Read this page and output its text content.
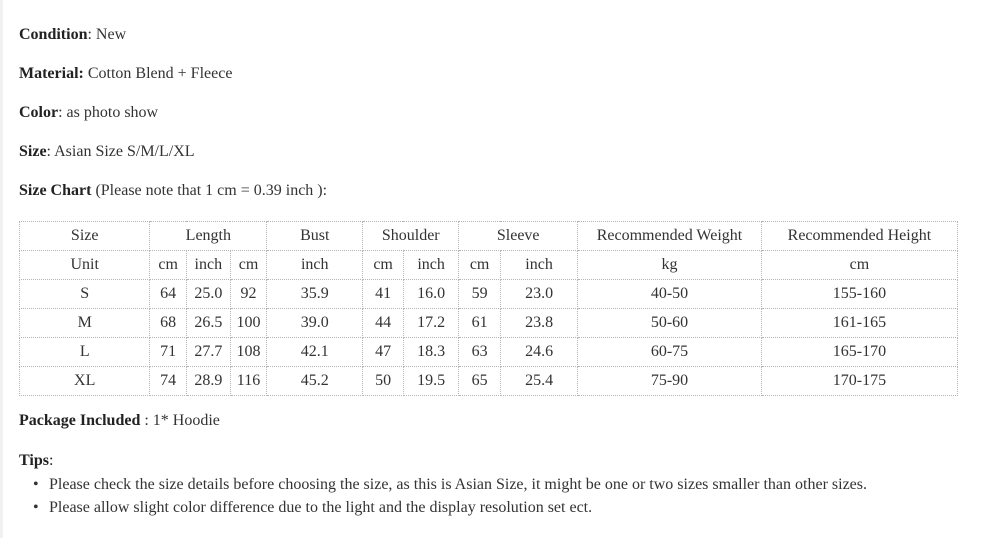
Condition: New

Material: Cotton Blend + Fleece

Color: as photo show

Size: Asian Size S/M/L/XL

Size Chart (Please note that 1 cm = 0.39 inch ):

Size	Length			Bust	Shoulder		Sleeve		Recommended Weight	Recommended Height
Unit	cm	inch	cm	inch	cm	inch	cm	inch	kg	cm
S	64	25.0	92	35.9	41	16.0	59	23.0	40-50	155-160
M	68	26.5	100	39.0	44	17.2	61	23.8	50-60	161-165
L	71	27.7	108	42.1	47	18.3	63	24.6	60-75	165-170
XL	74	28.9	116	45.2	50	19.5	65	25.4	75-90	170-175

Package Included : 1* Hoodie

Tips:

• Please check the size details before choosing the size, as this is Asian Size, it might be one or two sizes smaller than other sizes.
• Please allow slight color difference due to the light and the display resolution set ect.
